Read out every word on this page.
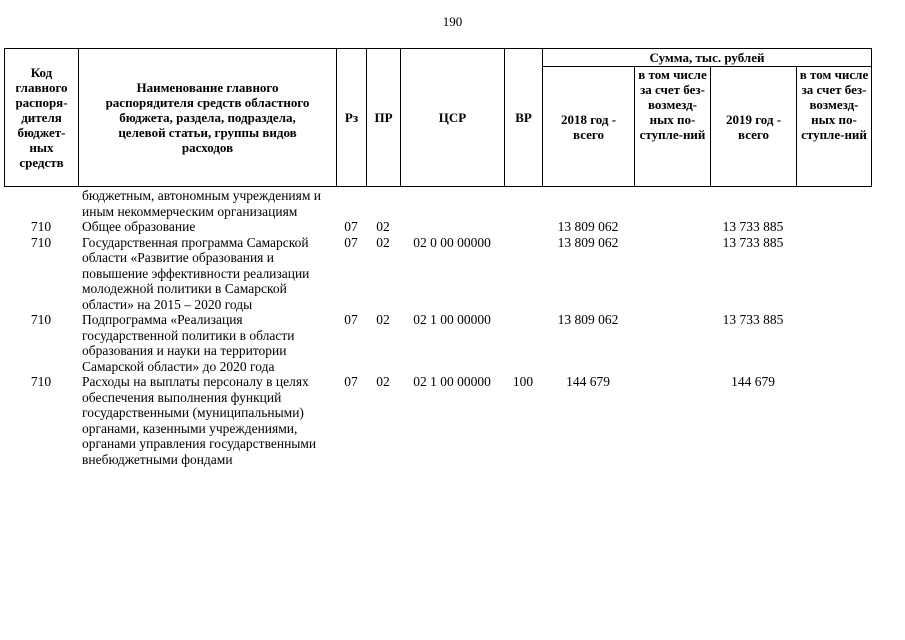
190
Код главного распоря-дителя бюджет-ных средств	Наименование главного распорядителя средств областного бюджета, раздела, подраздела, целевой статьи, группы видов расходов	Рз	ПР	ЦСР	ВР	Сумма, тыс. рублей			
						2018 год - всего	в том числе за счет без-возмезд-ных по-ступле-ний	2019 год - всего	в том числе за счет без-возмезд-ных по-ступле-ний
	бюджетным, автономным учреждениям и иным некоммерческим организациям								
710	Общее образование	07	02			13 809 062		13 733 885	
710	Государственная программа Самарской области «Развитие образования и повышение эффективности реализации молодежной политики в Самарской области» на 2015 – 2020 годы	07	02	02 0 00 00000		13 809 062		13 733 885	
710	Подпрограмма «Реализация государственной политики в области образования и науки на территории Самарской области» до 2020 года	07	02	02 1 00 00000		13 809 062		13 733 885	
710	Расходы на выплаты персоналу в целях обеспечения выполнения функций государственными (муниципальными) органами, казенными учреждениями, органами управления государственными внебюджетными фондами	07	02	02 1 00 00000	100	144 679		144 679	
